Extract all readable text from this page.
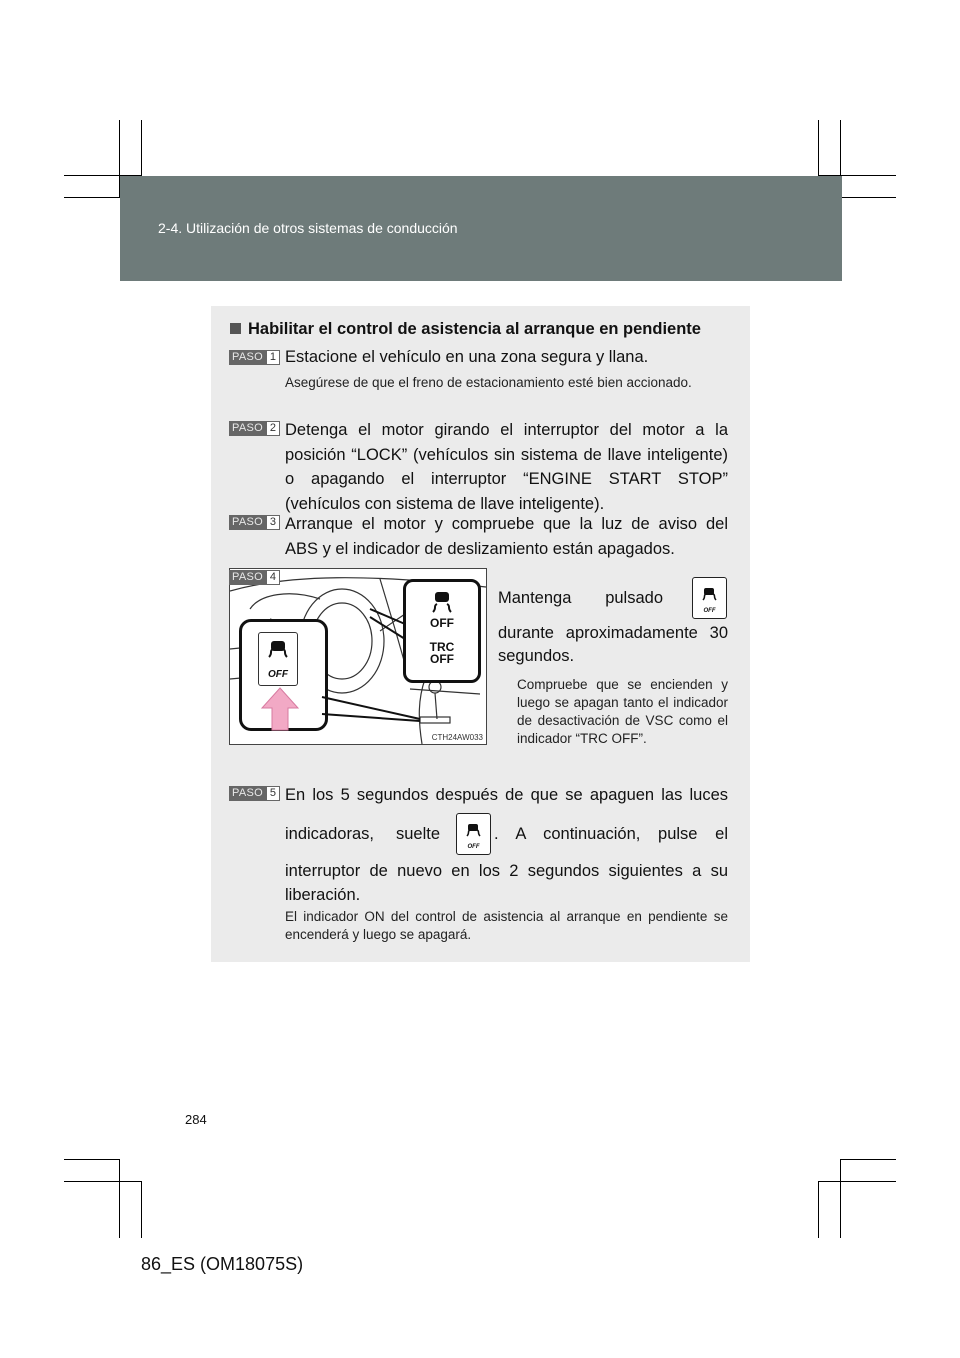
2-4. Utilización de otros sistemas de conducción
Habilitar el control de asistencia al arranque en pendiente
PASO 1 Estacione el vehículo en una zona segura y llana.
Asegúrese de que el freno de estacionamiento esté bien accionado.
PASO 2 Detenga el motor girando el interruptor del motor a la
posición “LOCK” (vehículos sin sistema de llave inteligente)
o apagando el interruptor “ENGINE START STOP”
(vehículos con sistema de llave inteligente).
PASO 3 Arranque el motor y compruebe que la luz de aviso del
ABS y el indicador de deslizamiento están apagados.
OFF
OFF
TRC
OFF
CTH24AW033
PASO 4
Mantenga pulsado
OFF
durante aproximadamente 30
segundos.
Compruebe que se encienden y luego se apagan tanto el indicador de desactivación de VSC como el indicador “TRC OFF”.
PASO 5 En los 5 segundos después de que se apaguen las luces
indicadoras, suelte
OFF
. A continuación, pulse el
interruptor de nuevo en los 2 segundos siguientes a su
liberación.
El indicador ON del control de asistencia al arranque en pendiente se encenderá y luego se apagará.
284
86_ES (OM18075S)
